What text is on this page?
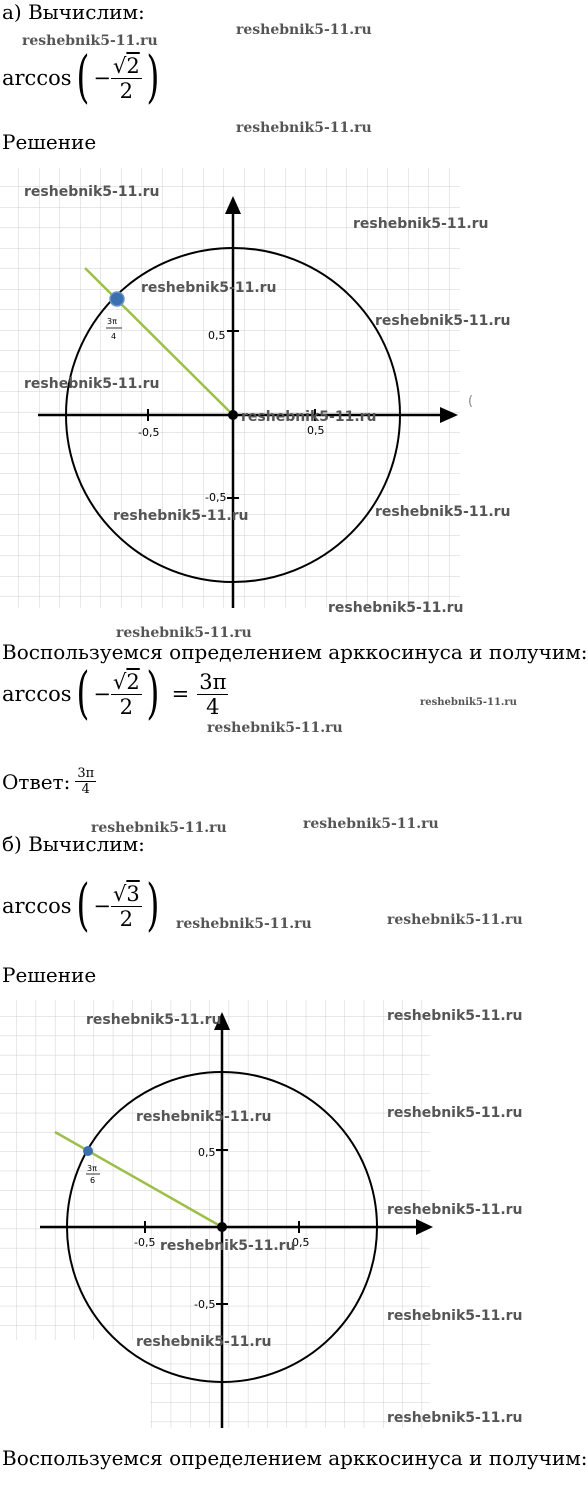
а) Вычислим:
arccos ( − $\frac{√2}{2}$ )
Решение
0,5
-0,5	0,5
-0,5
(
3π
4
reshebnik5-11.ru
reshebnik5-11.ru
reshebnik5-11.ru
reshebnik5-11.ru
reshebnik5-11.ru
reshebnik5-11.ru
reshebnik5-11.ru	reshebnik5-11.ru
reshebnik5-11.ru
Воспользуемся определением арккосинуса и получим:
arccos ( − $\frac{√2}{2}$ ) = $\frac{3\pi}{4}$
Ответ: $\frac{3\pi}{4}$
б) Вычислим:
arccos ( − $\frac{√3}{2}$ )
Решение
0,5
-0,5	0,5
-0,5
3π
6
reshebnik5-11.ru	reshebnik5-11.ru
reshebnik5-11.ru	reshebnik5-11.ru
reshebnik5-11.ru
reshebnik5-11.ru
reshebnik5-11.ru
reshebnik5-11.ru
reshebnik5-11.ru
Воспользуемся определением арккосинуса и получим:
reshebnik5-11.ru
reshebnik5-11.ru
reshebnik5-11.ru
reshebnik5-11.ru
reshebnik5-11.ru
reshebnik5-11.ru
reshebnik5-11.ru	reshebnik5-11.ru
reshebnik5-11.ru	reshebnik5-11.ru
